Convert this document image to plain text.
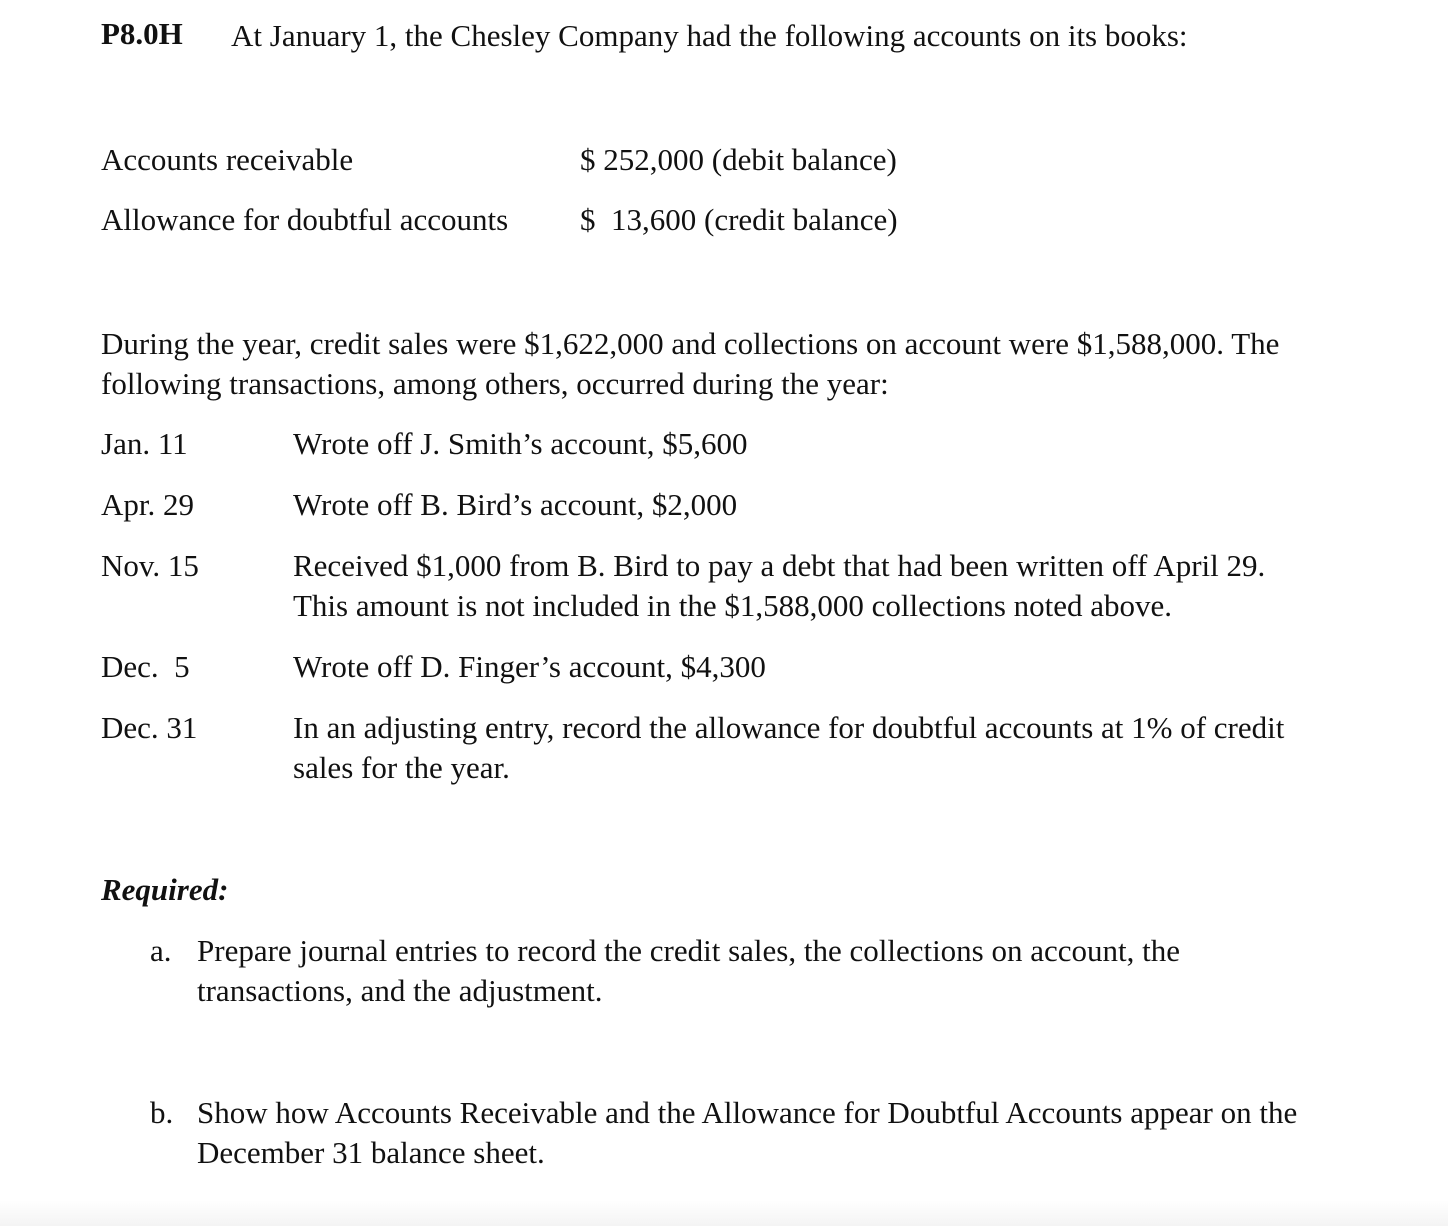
P8.0H At January 1, the Chesley Company had the following accounts on its books:
Accounts receivable	$ 252,000 (debit balance)
Allowance for doubtful accounts $  13,600 (credit balance)
During the year, credit sales were $1,622,000 and collections on account were $1,588,000. The
following transactions, among others, occurred during the year:
Jan. 11	Wrote off J. Smith’s account, $5,600
Apr. 29	Wrote off B. Bird’s account, $2,000
Nov. 15	Received $1,000 from B. Bird to pay a debt that had been written off April 29.
This amount is not included in the $1,588,000 collections noted above.
Dec.  5	Wrote off D. Finger’s account, $4,300
Dec. 31	In an adjusting entry, record the allowance for doubtful accounts at 1% of credit
sales for the year.
Required:
a. Prepare journal entries to record the credit sales, the collections on account, the
transactions, and the adjustment.
b. Show how Accounts Receivable and the Allowance for Doubtful Accounts appear on the
December 31 balance sheet.
